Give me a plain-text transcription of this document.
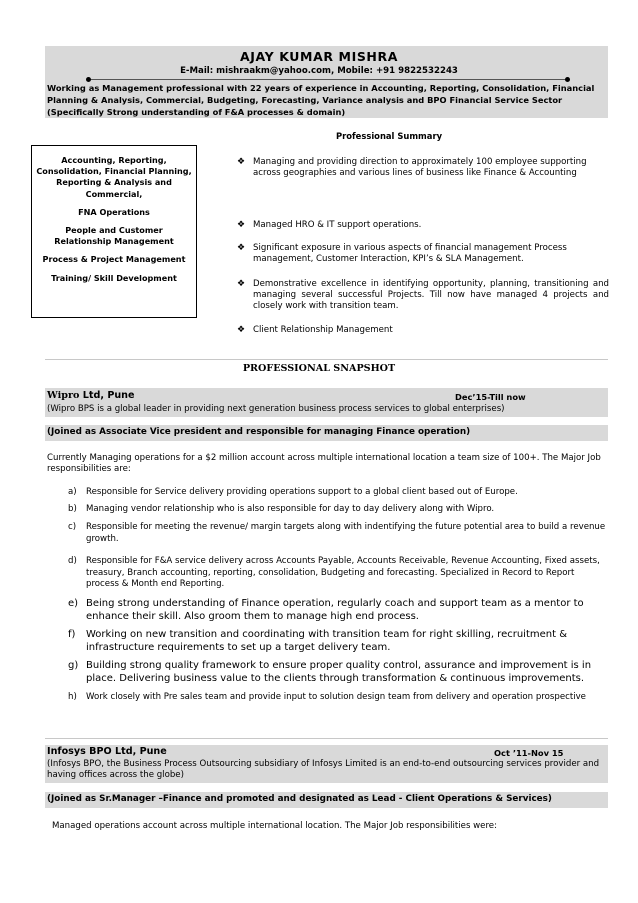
AJAY KUMAR MISHRA
E-Mail: mishraakm@yahoo.com, Mobile: +91 9822532243
Working as Management professional with 22 years of experience in Accounting, Reporting, Consolidation, Financial Planning & Analysis, Commercial, Budgeting, Forecasting, Variance analysis and BPO Financial Service Sector (Specifically Strong understanding of F&A processes & domain)
Professional Summary

Accounting, Reporting, Consolidation, Financial Planning, Reporting & Analysis and Commercial,

FNA Operations

People and Customer Relationship Management

Process & Project Management

Training/ Skill Development

❖ Managing and providing direction to approximately 100 employee supporting across geographies and various lines of business like Finance & Accounting
❖ Managed HRO & IT support operations.
❖ Significant exposure in various aspects of financial management Process management, Customer Interaction, KPI’s & SLA Management.
❖ Demonstrative excellence in identifying opportunity, planning, transitioning and managing several successful Projects. Till now have managed 4 projects and closely work with transition team.
❖ Client Relationship Management
PROFESSIONAL SNAPSHOT
Wipro Ltd, Pune	Dec’15-Till now
(Wipro BPS is a global leader in providing next generation business process services to global enterprises)
(Joined as Associate Vice president and responsible for managing Finance operation)
Currently Managing operations for a $2 million account across multiple international location a team size of 100+. The Major Job responsibilities are:
a) Responsible for Service delivery providing operations support to a global client based out of Europe.
b) Managing vendor relationship who is also responsible for day to day delivery along with Wipro.
c) Responsible for meeting the revenue/ margin targets along with indentifying the future potential area to build a revenue growth.
d) Responsible for F&A service delivery across Accounts Payable, Accounts Receivable, Revenue Accounting, Fixed assets, treasury, Branch accounting, reporting, consolidation, Budgeting and forecasting. Specialized in Record to Report process & Month end Reporting.
e) Being strong understanding of Finance operation, regularly coach and support team as a mentor to enhance their skill. Also groom them to manage high end process.
f) Working on new transition and coordinating with transition team for right skilling, recruitment & infrastructure requirements to set up a target delivery team.
g) Building strong quality framework to ensure proper quality control, assurance and improvement is in place. Delivering business value to the clients through transformation & continuous improvements.
h) Work closely with Pre sales team and provide input to solution design team from delivery and operation prospective
Infosys BPO Ltd, Pune	Oct ’11-Nov 15
(Infosys BPO, the Business Process Outsourcing subsidiary of Infosys Limited is an end-to-end outsourcing services provider and having offices across the globe)
(Joined as Sr.Manager –Finance and promoted and designated as Lead - Client Operations & Services)
Managed operations account across multiple international location. The Major Job responsibilities were:
